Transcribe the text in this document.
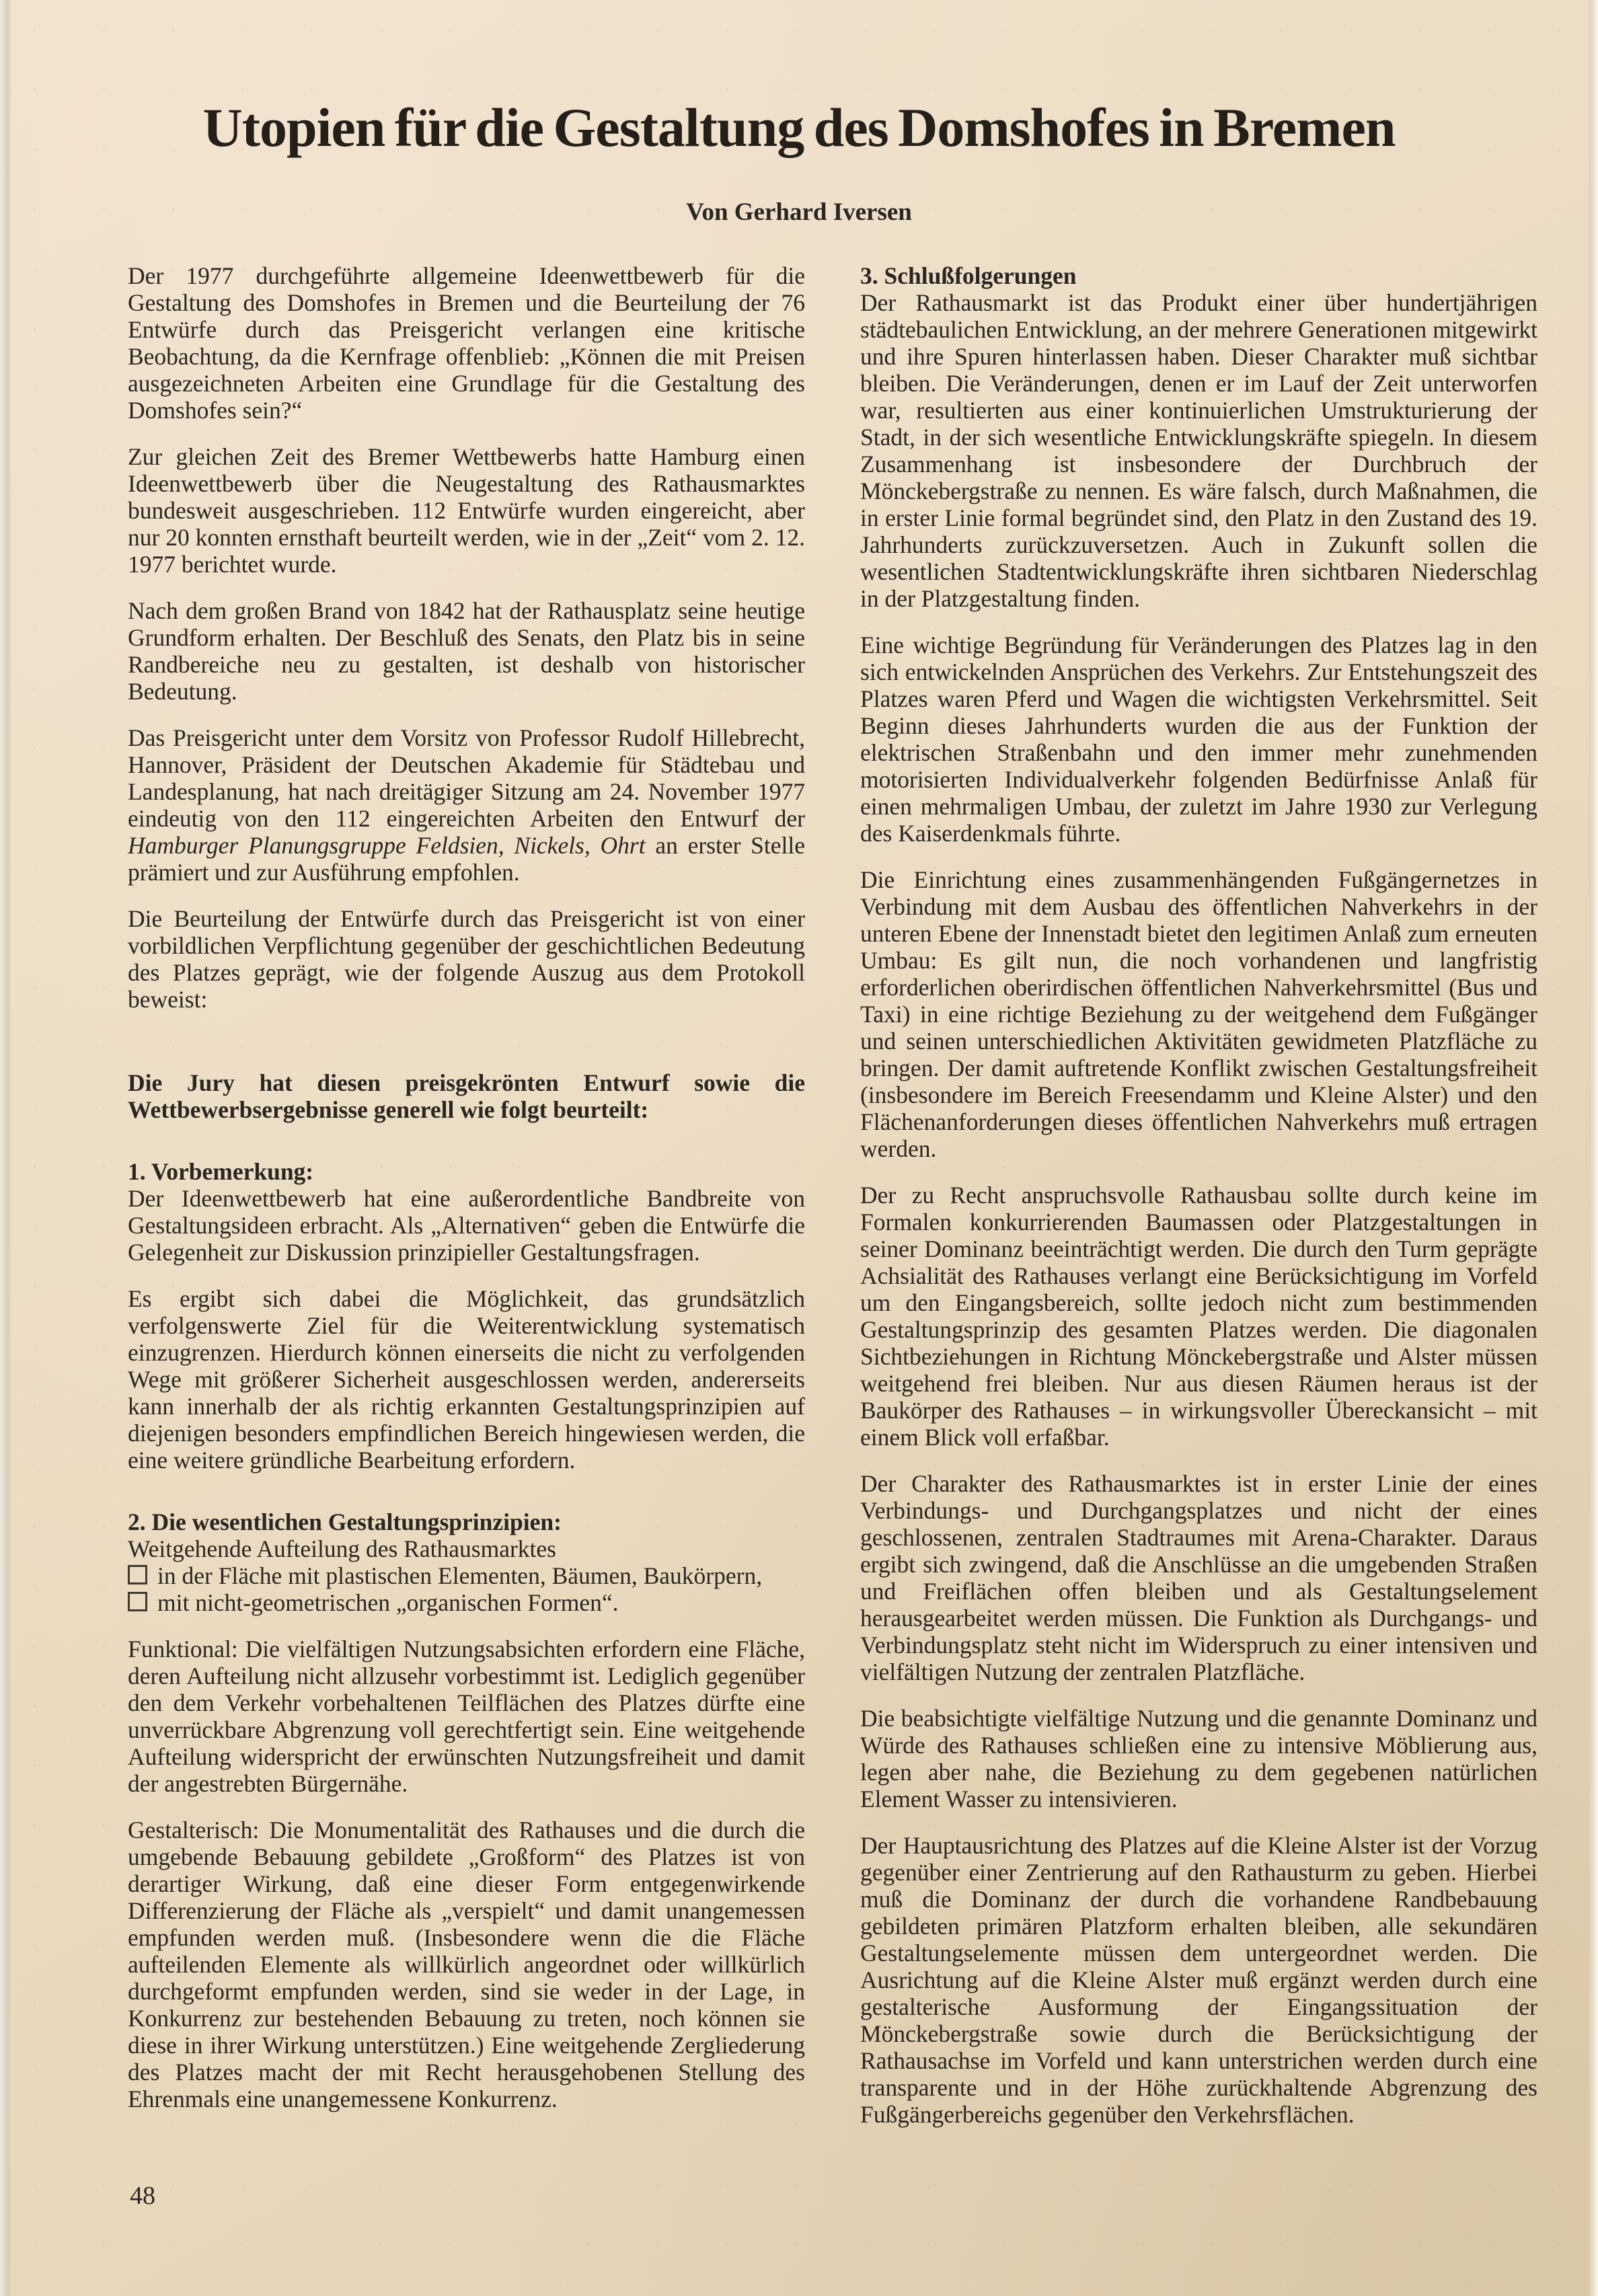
Utopien für die Gestaltung des Domshofes in Bremen
Von Gerhard Iversen

Der 1977 durchgeführte allgemeine Ideenwettbewerb für die Gestaltung des Domshofes in Bremen und die Beurteilung der 76 Entwürfe durch das Preisgericht verlangen eine kritische Beobachtung, da die Kernfrage offenblieb: „Können die mit Preisen ausgezeichneten Arbeiten eine Grundlage für die Gestaltung des Domshofes sein?“

Zur gleichen Zeit des Bremer Wettbewerbs hatte Hamburg einen Ideenwettbewerb über die Neugestaltung des Rathausmarktes bundesweit ausgeschrieben. 112 Entwürfe wurden eingereicht, aber nur 20 konnten ernsthaft beurteilt werden, wie in der „Zeit“ vom 2. 12. 1977 berichtet wurde.

Nach dem großen Brand von 1842 hat der Rathausplatz seine heutige Grundform erhalten. Der Beschluß des Senats, den Platz bis in seine Randbereiche neu zu gestalten, ist deshalb von historischer Bedeutung.

Das Preisgericht unter dem Vorsitz von Professor Rudolf Hillebrecht, Hannover, Präsident der Deutschen Akademie für Städtebau und Landesplanung, hat nach dreitägiger Sitzung am 24. November 1977 eindeutig von den 112 eingereichten Arbeiten den Entwurf der Hamburger Planungsgruppe Feldsien, Nickels, Ohrt an erster Stelle prämiert und zur Ausführung empfohlen.

Die Beurteilung der Entwürfe durch das Preisgericht ist von einer vorbildlichen Verpflichtung gegenüber der geschichtlichen Bedeutung des Platzes geprägt, wie der folgende Auszug aus dem Protokoll beweist:

Die Jury hat diesen preisgekrönten Entwurf sowie die Wettbewerbsergebnisse generell wie folgt beurteilt:

1. Vorbemerkung:

Der Ideenwettbewerb hat eine außerordentliche Bandbreite von Gestaltungsideen erbracht. Als „Alternativen“ geben die Entwürfe die Gelegenheit zur Diskussion prinzipieller Gestaltungsfragen.

Es ergibt sich dabei die Möglichkeit, das grundsätzlich verfolgenswerte Ziel für die Weiterentwicklung systematisch einzugrenzen. Hierdurch können einerseits die nicht zu verfolgenden Wege mit größerer Sicherheit ausgeschlossen werden, andererseits kann innerhalb der als richtig erkannten Gestaltungsprinzipien auf diejenigen besonders empfindlichen Bereich hingewiesen werden, die eine weitere gründliche Bearbeitung erfordern.

2. Die wesentlichen Gestaltungsprinzipien:

Weitgehende Aufteilung des Rathausmarktes

in der Fläche mit plastischen Elementen, Bäumen, Baukörpern,

mit nicht-geometrischen „organischen Formen“.

Funktional: Die vielfältigen Nutzungsabsichten erfordern eine Fläche, deren Aufteilung nicht allzusehr vorbestimmt ist. Lediglich gegenüber den dem Verkehr vorbehaltenen Teilflächen des Platzes dürfte eine unverrückbare Abgrenzung voll gerechtfertigt sein. Eine weitgehende Aufteilung widerspricht der erwünschten Nutzungsfreiheit und damit der angestrebten Bürgernähe.

Gestalterisch: Die Monumentalität des Rathauses und die durch die umgebende Bebauung gebildete „Großform“ des Platzes ist von derartiger Wirkung, daß eine dieser Form entgegenwirkende Differenzierung der Fläche als „verspielt“ und damit unangemessen empfunden werden muß. (Insbesondere wenn die die Fläche aufteilenden Elemente als willkürlich angeordnet oder willkürlich durchgeformt empfunden werden, sind sie weder in der Lage, in Konkurrenz zur bestehenden Bebauung zu treten, noch können sie diese in ihrer Wirkung unterstützen.) Eine weitgehende Zergliederung des Platzes macht der mit Recht herausgehobenen Stellung des Ehrenmals eine unangemessene Konkurrenz.

3. Schlußfolgerungen

Der Rathausmarkt ist das Produkt einer über hundertjährigen städtebaulichen Entwicklung, an der mehrere Generationen mitgewirkt und ihre Spuren hinterlassen haben. Dieser Charakter muß sichtbar bleiben. Die Veränderungen, denen er im Lauf der Zeit unterworfen war, resultierten aus einer kontinuierlichen Umstrukturierung der Stadt, in der sich wesentliche Entwicklungskräfte spiegeln. In diesem Zusammenhang ist insbesondere der Durchbruch der Mönckebergstraße zu nennen. Es wäre falsch, durch Maßnahmen, die in erster Linie formal begründet sind, den Platz in den Zustand des 19. Jahrhunderts zurückzuversetzen. Auch in Zukunft sollen die wesentlichen Stadtentwicklungskräfte ihren sichtbaren Niederschlag in der Platzgestaltung finden.

Eine wichtige Begründung für Veränderungen des Platzes lag in den sich entwickelnden Ansprüchen des Verkehrs. Zur Entstehungszeit des Platzes waren Pferd und Wagen die wichtigsten Verkehrsmittel. Seit Beginn dieses Jahrhunderts wurden die aus der Funktion der elektrischen Straßenbahn und den immer mehr zunehmenden motorisierten Individualverkehr folgenden Bedürfnisse Anlaß für einen mehrmaligen Umbau, der zuletzt im Jahre 1930 zur Verlegung des Kaiserdenkmals führte.

Die Einrichtung eines zusammenhängenden Fußgängernetzes in Verbindung mit dem Ausbau des öffentlichen Nahverkehrs in der unteren Ebene der Innenstadt bietet den legitimen Anlaß zum erneuten Umbau: Es gilt nun, die noch vorhandenen und langfristig erforderlichen oberirdischen öffentlichen Nahverkehrsmittel (Bus und Taxi) in eine richtige Beziehung zu der weitgehend dem Fußgänger und seinen unterschiedlichen Aktivitäten gewidmeten Platzfläche zu bringen. Der damit auftretende Konflikt zwischen Gestaltungsfreiheit (insbesondere im Bereich Freesendamm und Kleine Alster) und den Flächenanforderungen dieses öffentlichen Nahverkehrs muß ertragen werden.

Der zu Recht anspruchsvolle Rathausbau sollte durch keine im Formalen konkurrierenden Baumassen oder Platzgestaltungen in seiner Dominanz beeinträchtigt werden. Die durch den Turm geprägte Achsialität des Rathauses verlangt eine Berücksichtigung im Vorfeld um den Eingangsbereich, sollte jedoch nicht zum bestimmenden Gestaltungsprinzip des gesamten Platzes werden. Die diagonalen Sichtbeziehungen in Richtung Mönckebergstraße und Alster müssen weitgehend frei bleiben. Nur aus diesen Räumen heraus ist der Baukörper des Rathauses – in wirkungsvoller Übereckansicht – mit einem Blick voll erfaßbar.

Der Charakter des Rathausmarktes ist in erster Linie der eines Verbindungs- und Durchgangsplatzes und nicht der eines geschlossenen, zentralen Stadtraumes mit Arena-Charakter. Daraus ergibt sich zwingend, daß die Anschlüsse an die umgebenden Straßen und Freiflächen offen bleiben und als Gestaltungselement herausgearbeitet werden müssen. Die Funktion als Durchgangs- und Verbindungsplatz steht nicht im Widerspruch zu einer intensiven und vielfältigen Nutzung der zentralen Platzfläche.

Die beabsichtigte vielfältige Nutzung und die genannte Dominanz und Würde des Rathauses schließen eine zu intensive Möblierung aus, legen aber nahe, die Beziehung zu dem gegebenen natürlichen Element Wasser zu intensivieren.

Der Hauptausrichtung des Platzes auf die Kleine Alster ist der Vorzug gegenüber einer Zentrierung auf den Rathausturm zu geben. Hierbei muß die Dominanz der durch die vorhandene Randbebauung gebildeten primären Platzform erhalten bleiben, alle sekundären Gestaltungselemente müssen dem untergeordnet werden. Die Ausrichtung auf die Kleine Alster muß ergänzt werden durch eine gestalterische Ausformung der Eingangssituation der Mönckebergstraße sowie durch die Berücksichtigung der Rathausachse im Vorfeld und kann unterstrichen werden durch eine transparente und in der Höhe zurückhaltende Abgrenzung des Fußgängerbereichs gegenüber den Verkehrsflächen.

48
